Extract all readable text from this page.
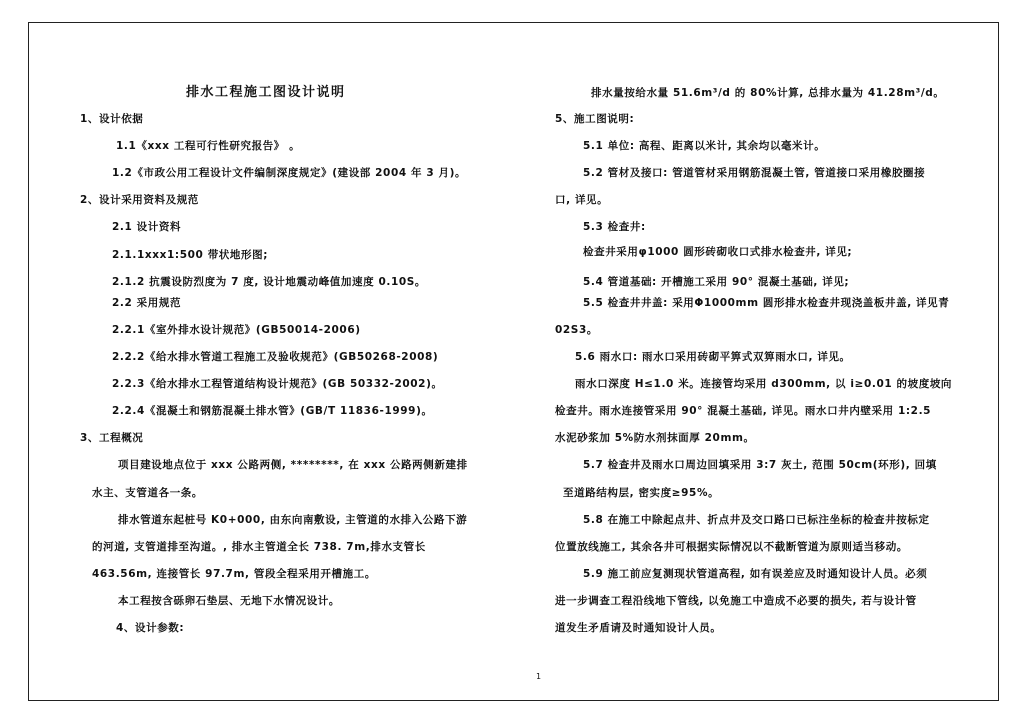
排水工程施工图设计说明
1、设计依据
1.1《xxx 工程可行性研究报告》 。
1.2《市政公用工程设计文件编制深度规定》(建设部 2004 年 3 月)。
2、设计采用资料及规范
2.1 设计资料
2.1.1xxx1:500 带状地形图;
2.1.2 抗震设防烈度为 7 度, 设计地震动峰值加速度 0.10S。
2.2 采用规范
2.2.1《室外排水设计规范》(GB50014-2006)
2.2.2《给水排水管道工程施工及验收规范》(GB50268-2008)
2.2.3《给水排水工程管道结构设计规范》(GB 50332-2002)。
2.2.4《混凝土和钢筋混凝土排水管》(GB/T 11836-1999)。
3、工程概况
项目建设地点位于 xxx 公路两侧, ********, 在 xxx 公路两侧新建排
水主、支管道各一条。
排水管道东起桩号 K0+000, 由东向南敷设, 主管道的水排入公路下游
的河道, 支管道排至沟道。, 排水主管道全长 738. 7m,排水支管长
463.56m, 连接管长 97.7m, 管段全程采用开槽施工。
本工程按含砾卵石垫层、无地下水情况设计。
4、设计参数:
排水量按给水量 51.6m³/d 的 80%计算, 总排水量为 41.28m³/d。
5、施工图说明:
5.1 单位: 高程、距离以米计, 其余均以毫米计。
5.2 管材及接口: 管道管材采用钢筋混凝土管, 管道接口采用橡胶圈接
口, 详见。
5.3 检查井:
检查井采用φ1000 圆形砖砌收口式排水检查井, 详见;
5.4 管道基础: 开槽施工采用 90° 混凝土基础, 详见;
5.5 检查井井盖: 采用Φ1000mm 圆形排水检查井现浇盖板井盖, 详见青
02S3。
5.6 雨水口: 雨水口采用砖砌平箅式双箅雨水口, 详见。
雨水口深度 H≤1.0 米。连接管均采用 d300mm, 以 i≥0.01 的坡度坡向
检查井。雨水连接管采用 90° 混凝土基础, 详见。雨水口井内壁采用 1:2.5
水泥砂浆加 5%防水剂抹面厚 20mm。
5.7 检查井及雨水口周边回填采用 3:7 灰土, 范围 50cm(环形), 回填
至道路结构层, 密实度≥95%。
5.8 在施工中除起点井、折点井及交口路口已标注坐标的检查井按标定
位置放线施工, 其余各井可根据实际情况以不截断管道为原则适当移动。
5.9 施工前应复测现状管道高程, 如有误差应及时通知设计人员。必须
进一步调查工程沿线地下管线, 以免施工中造成不必要的损失, 若与设计管
道发生矛盾请及时通知设计人员。
1
